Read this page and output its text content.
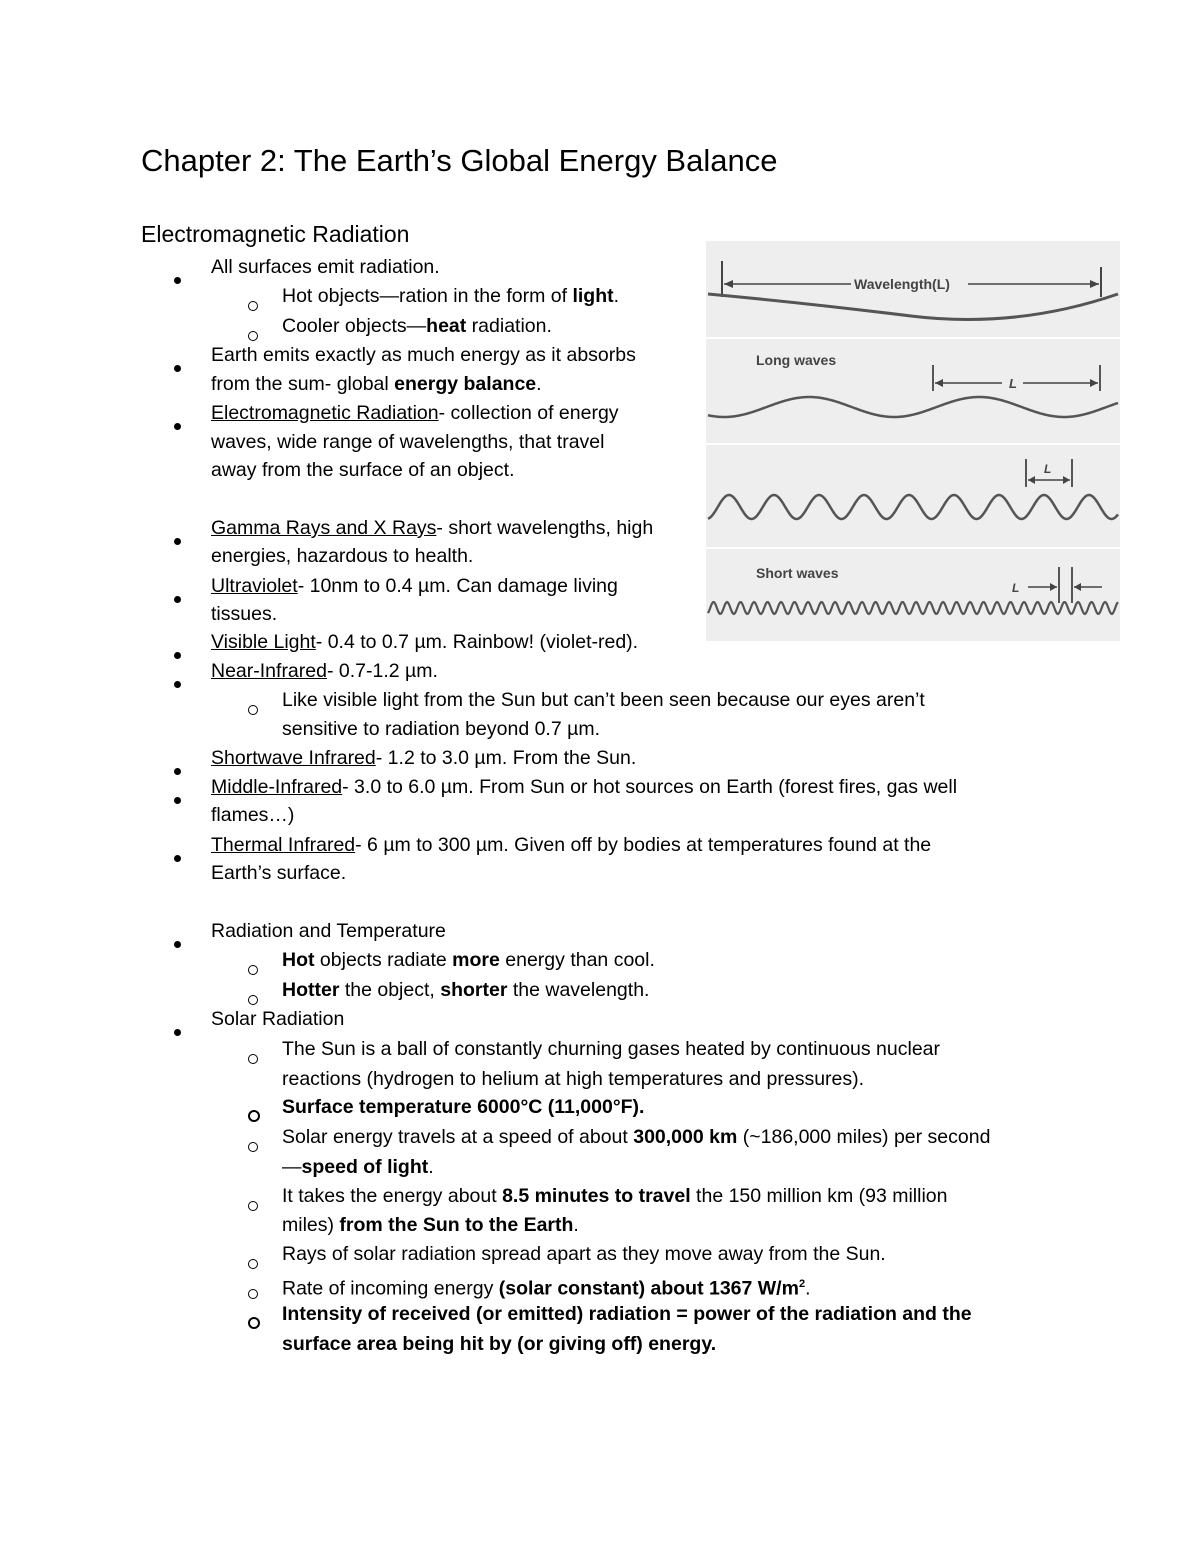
Chapter 2: The Earth’s Global Energy Balance
Electromagnetic Radiation
Wavelength(L)
Long waves
L
L
Short waves
L
All surfaces emit radiation.
Hot objects—ration in the form of light.
Cooler objects—heat radiation.
Earth emits exactly as much energy as it absorbs
from the sum- global energy balance.
Electromagnetic Radiation- collection of energy
waves, wide range of wavelengths, that travel
away from the surface of an object.
Gamma Rays and X Rays- short wavelengths, high
energies, hazardous to health.
Ultraviolet- 10nm to 0.4 µm. Can damage living
tissues.
Visible Light- 0.4 to 0.7 µm. Rainbow! (violet-red).
Near-Infrared- 0.7-1.2 µm.
Like visible light from the Sun but can’t been seen because our eyes aren’t
sensitive to radiation beyond 0.7 µm.
Shortwave Infrared- 1.2 to 3.0 µm. From the Sun.
Middle-Infrared- 3.0 to 6.0 µm. From Sun or hot sources on Earth (forest fires, gas well
flames…)
Thermal Infrared- 6 µm to 300 µm. Given off by bodies at temperatures found at the
Earth’s surface.
Radiation and Temperature
Hot objects radiate more energy than cool.
Hotter the object, shorter the wavelength.
Solar Radiation
The Sun is a ball of constantly churning gases heated by continuous nuclear
reactions (hydrogen to helium at high temperatures and pressures).
Surface temperature 6000°C (11,000°F).
Solar energy travels at a speed of about 300,000 km (~186,000 miles) per second
—speed of light.
It takes the energy about 8.5 minutes to travel the 150 million km (93 million
miles) from the Sun to the Earth.
Rays of solar radiation spread apart as they move away from the Sun.
Rate of incoming energy (solar constant) about 1367 $W/m^2$.
Intensity of received (or emitted) radiation = power of the radiation and the
surface area being hit by (or giving off) energy.
